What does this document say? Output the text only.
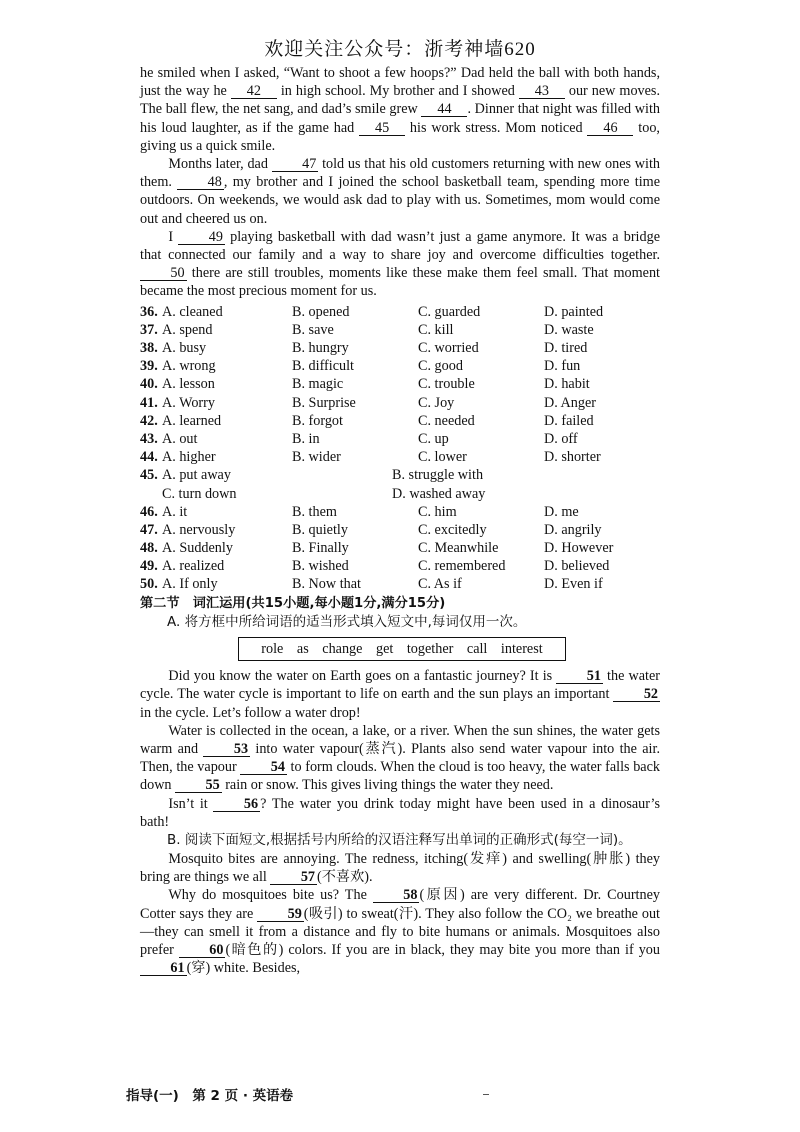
欢迎关注公众号：浙考神墙620

he smiled when I asked, “Want to shoot a few hoops?” Dad held the ball with both hands, just the way he 42 in high school. My brother and I showed 43 our new moves. The ball flew, the net sang, and dad’s smile grew 44 . Dinner that night was filled with his loud laughter, as if the game had 45 his work stress. Mom noticed 46 too, giving us a quick smile.

Months later, dad 47 told us that his old customers returning with new ones with them. 48 , my brother and I joined the school basketball team, spending more time outdoors. On weekends, we would ask dad to play with us. Sometimes, mom would come out and cheered us on.

I 49 playing basketball with dad wasn’t just a game anymore. It was a bridge that connected our family and a way to share joy and overcome difficulties together. 50 there are still troubles, moments like these make them feel small. That moment became the most precious moment for us.

36. A. cleaned	B. opened	C. guarded	D. painted
37. A. spend	B. save	C. kill	D. waste
38. A. busy	B. hungry	C. worried	D. tired
39. A. wrong	B. difficult	C. good	D. fun
40. A. lesson	B. magic	C. trouble	D. habit
41. A. Worry	B. Surprise	C. Joy	D. Anger
42. A. learned	B. forgot	C. needed	D. failed
43. A. out	B. in	C. up	D. off
44. A. higher	B. wider	C. lower	D. shorter
45. A. put away	B. struggle with
C. turn down	D. washed away
46. A. it	B. them	C. him	D. me
47. A. nervously	B. quietly	C. excitedly	D. angrily
48. A. Suddenly	B. Finally	C. Meanwhile	D. However
49. A. realized	B. wished	C. remembered	D. believed
50. A. If only	B. Now that	C. As if	D. Even if
第二节　词汇运用(共15小题,每小题1分,满分15分)
A. 将方框中所给词语的适当形式填入短文中,每词仅用一次。
role as change get together call interest

Did you know the water on Earth goes on a fantastic journey? It is 51 the water cycle. The water cycle is important to life on earth and the sun plays an important 52 in the cycle. Let’s follow a water drop!

Water is collected in the ocean, a lake, or a river. When the sun shines, the water gets warm and 53 into water vapour(蒸汽). Plants also send water vapour into the air. Then, the vapour 54 to form clouds. When the cloud is too heavy, the water falls back down 55 rain or snow. This gives living things the water they need.

Isn’t it 56 ? The water you drink today might have been used in a dinosaur’s bath!

B. 阅读下面短文,根据括号内所给的汉语注释写出单词的正确形式(每空一词)。

Mosquito bites are annoying. The redness, itching(发痒) and swelling(肿胀) they bring are things we all 57 (不喜欢).

Why do mosquitoes bite us? The 58 (原因) are very different. Dr. Courtney Cotter says they are 59 (吸引) to sweat(汗). They also follow the CO₂ we breathe out—they can smell it from a distance and fly to bite humans or animals. Mosquitoes also prefer 60 (暗色的) colors. If you are in black, they may bite you more than if you 61 (穿) white. Besides,

指导(一)　第 2 页 · 英语卷
